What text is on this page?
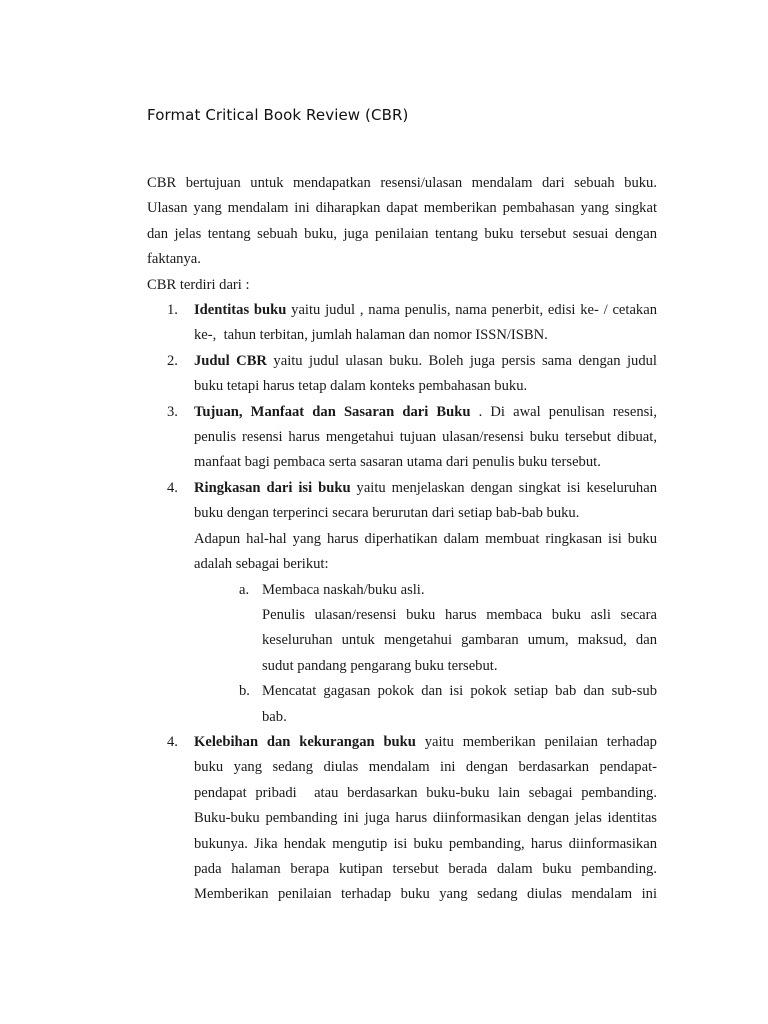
Format Critical Book Review (CBR)
CBR bertujuan untuk mendapatkan resensi/ulasan mendalam dari sebuah buku.
Ulasan yang mendalam ini diharapkan dapat memberikan pembahasan yang singkat
dan jelas tentang sebuah buku, juga penilaian tentang buku tersebut sesuai dengan
faktanya.
CBR terdiri dari :
1. Identitas buku yaitu judul , nama penulis, nama penerbit, edisi ke- / cetakan
ke-,  tahun terbitan, jumlah halaman dan nomor ISSN/ISBN.
2. Judul CBR yaitu judul ulasan buku. Boleh juga persis sama dengan judul
buku tetapi harus tetap dalam konteks pembahasan buku.
3. Tujuan, Manfaat dan Sasaran dari Buku . Di awal penulisan resensi,
penulis resensi harus mengetahui tujuan ulasan/resensi buku tersebut dibuat,
manfaat bagi pembaca serta sasaran utama dari penulis buku tersebut.
4. Ringkasan dari isi buku yaitu menjelaskan dengan singkat isi keseluruhan
buku dengan terperinci secara berurutan dari setiap bab-bab buku.
Adapun hal-hal yang harus diperhatikan dalam membuat ringkasan isi buku
adalah sebagai berikut:
a. Membaca naskah/buku asli.
Penulis ulasan/resensi buku harus membaca buku asli secara
keseluruhan untuk mengetahui gambaran umum, maksud, dan
sudut pandang pengarang buku tersebut.
b. Mencatat gagasan pokok dan isi pokok setiap bab dan sub-sub
bab.
4. Kelebihan dan kekurangan buku yaitu memberikan penilaian terhadap
buku yang sedang diulas mendalam ini dengan berdasarkan pendapat-
pendapat pribadi  atau berdasarkan buku-buku lain sebagai pembanding.
Buku-buku pembanding ini juga harus diinformasikan dengan jelas identitas
bukunya. Jika hendak mengutip isi buku pembanding, harus diinformasikan
pada halaman berapa kutipan tersebut berada dalam buku pembanding.
Memberikan penilaian terhadap buku yang sedang diulas mendalam ini
